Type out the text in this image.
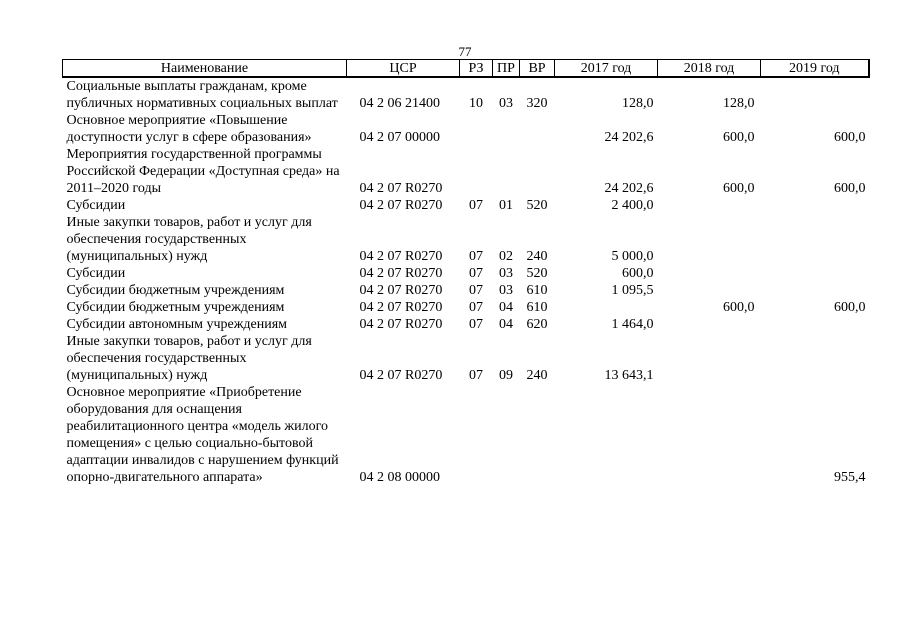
77
Наименование	ЦСР	РЗ	ПР	ВР	2017 год	2018 год	2019 год
Социальные выплаты гражданам, кроме публичных нормативных социальных выплат	04 2 06 21400	10	03	320	128,0	128,0	
Основное мероприятие «Повышение доступности услуг в сфере образования»	04 2 07 00000				24 202,6	600,0	600,0
Мероприятия государственной программы Российской Федерации «Доступная среда» на 2011–2020 годы	04 2 07 R0270				24 202,6	600,0	600,0
Субсидии	04 2 07 R0270	07	01	520	2 400,0		
Иные закупки товаров, работ и услуг для обеспечения государственных (муниципальных) нужд	04 2 07 R0270	07	02	240	5 000,0		
Субсидии	04 2 07 R0270	07	03	520	600,0		
Субсидии бюджетным учреждениям	04 2 07 R0270	07	03	610	1 095,5		
Субсидии бюджетным учреждениям	04 2 07 R0270	07	04	610		600,0	600,0
Субсидии автономным учреждениям	04 2 07 R0270	07	04	620	1 464,0		
Иные закупки товаров, работ и услуг для обеспечения государственных (муниципальных) нужд	04 2 07 R0270	07	09	240	13 643,1		
Основное мероприятие «Приобретение оборудования для оснащения реабилитационного центра «модель жилого помещения» с целью социально-бытовой адаптации инвалидов с нарушением функций опорно-двигательного аппарата»	04 2 08 00000						955,4
